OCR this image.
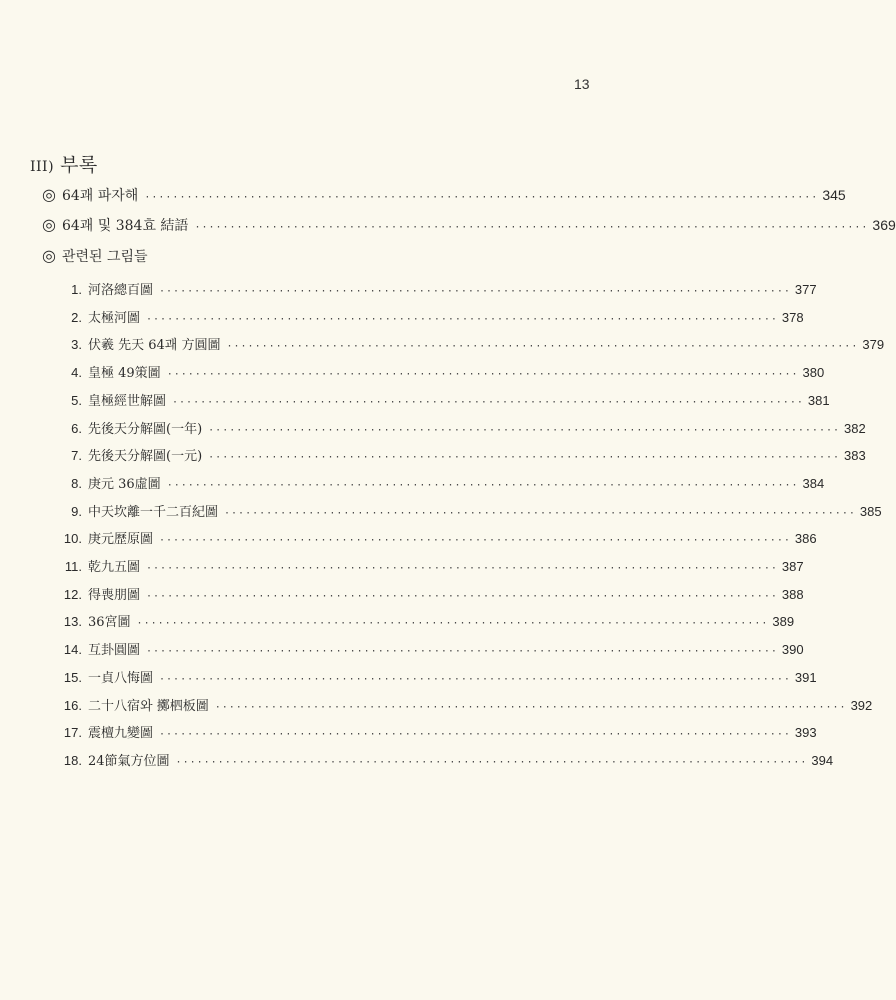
13
III) 부록
◎ 64괘 파자해 ································································································ 345
◎ 64괘 및 384효 結語 ································································································ 369
◎ 관련된 그림들
1. 河洛總百圖 ·························································································· 377
2. 太極河圖 ·························································································· 378
3. 伏羲 先天 64괘 方圓圖 ·························································································· 379
4. 皇極 49策圖 ·························································································· 380
5. 皇極經世解圖 ·························································································· 381
6. 先後天分解圖(一年) ·························································································· 382
7. 先後天分解圖(一元) ·························································································· 383
8. 庚元 36虛圖 ·························································································· 384
9. 中天坎離一千二百紀圖 ·························································································· 385
10. 庚元歷原圖 ·························································································· 386
11. 乾九五圖 ·························································································· 387
12. 得喪朋圖 ·························································································· 388
13. 36宮圖 ·························································································· 389
14. 互卦圓圖 ·························································································· 390
15. 一貞八悔圖 ·························································································· 391
16. 二十八宿와 擲柶板圖 ·························································································· 392
17. 震檀九變圖 ·························································································· 393
18. 24節氣方位圖 ·························································································· 394
